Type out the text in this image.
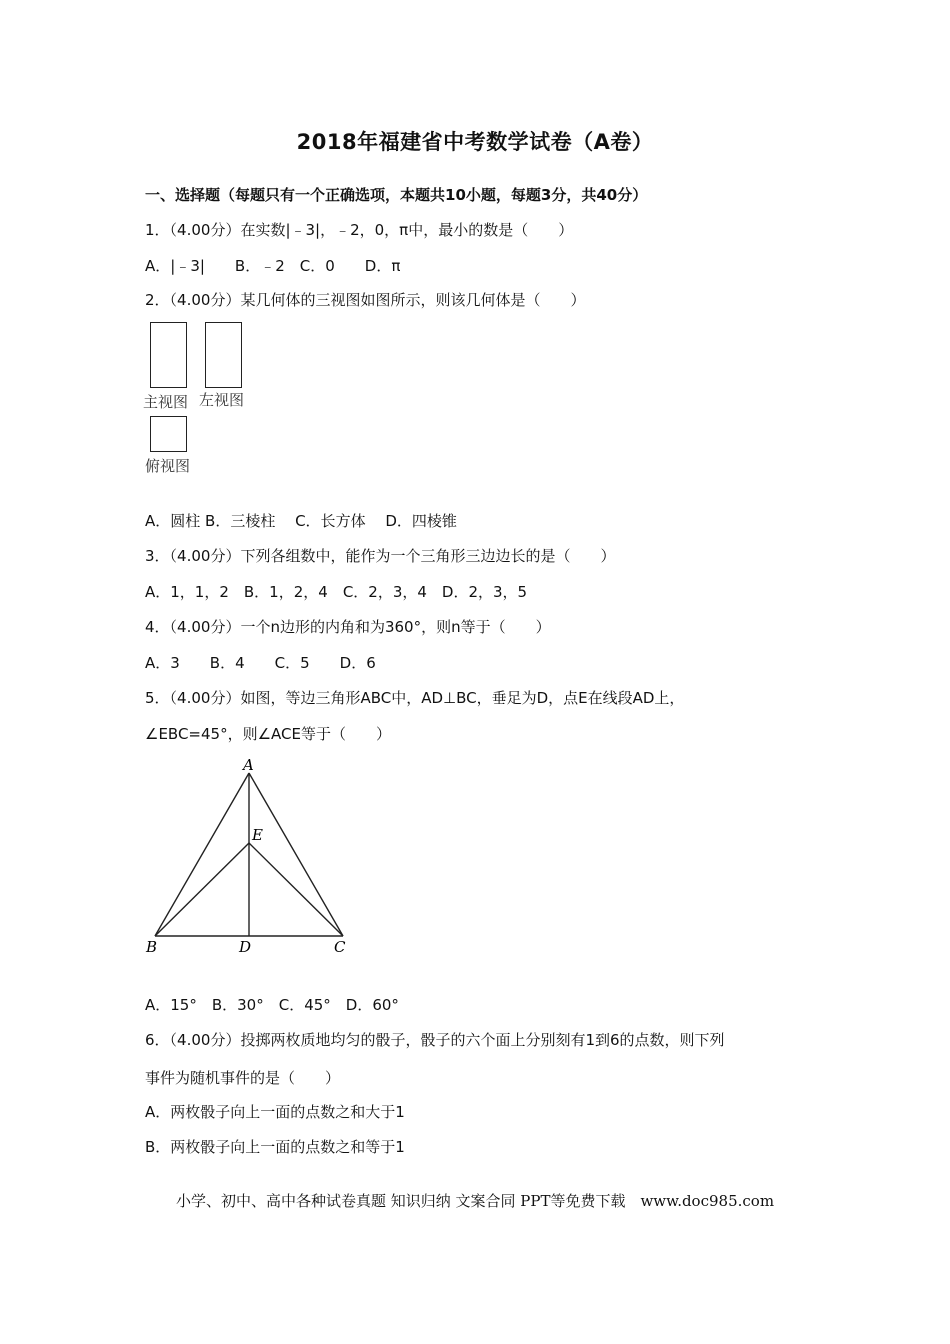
2018年福建省中考数学试卷（A卷）
一、选择题（每题只有一个正确选项，本题共10小题，每题3分，共40分）
1．（4.00分）在实数|﹣3|，﹣2，0，π中，最小的数是（　　）
A．|﹣3|　　B．﹣2　C．0　　D．π
2．（4.00分）某几何体的三视图如图所示，则该几何体是（　　）
主视图 左视图
俯视图
A．圆柱 B．三棱柱　 C．长方体　 D．四棱锥
3．（4.00分）下列各组数中，能作为一个三角形三边边长的是（　　）
A．1，1，2　B．1，2，4　C．2，3，4　D．2，3，5
4．（4.00分）一个n边形的内角和为360°，则n等于（　　）
A．3　　B．4　　C．5　　D．6
5．（4.00分）如图，等边三角形ABC中，AD⊥BC，垂足为D，点E在线段AD上，
∠EBC=45°，则∠ACE等于（　　）
A
E
B	D	C
A．15°　B．30°　C．45°　D．60°
6．（4.00分）投掷两枚质地均匀的骰子，骰子的六个面上分别刻有1到6的点数，则下列
事件为随机事件的是（　　）
A．两枚骰子向上一面的点数之和大于1
B．两枚骰子向上一面的点数之和等于1
小学、初中、高中各种试卷真题 知识归纳 文案合同 PPT等免费下载　www.doc985.com
